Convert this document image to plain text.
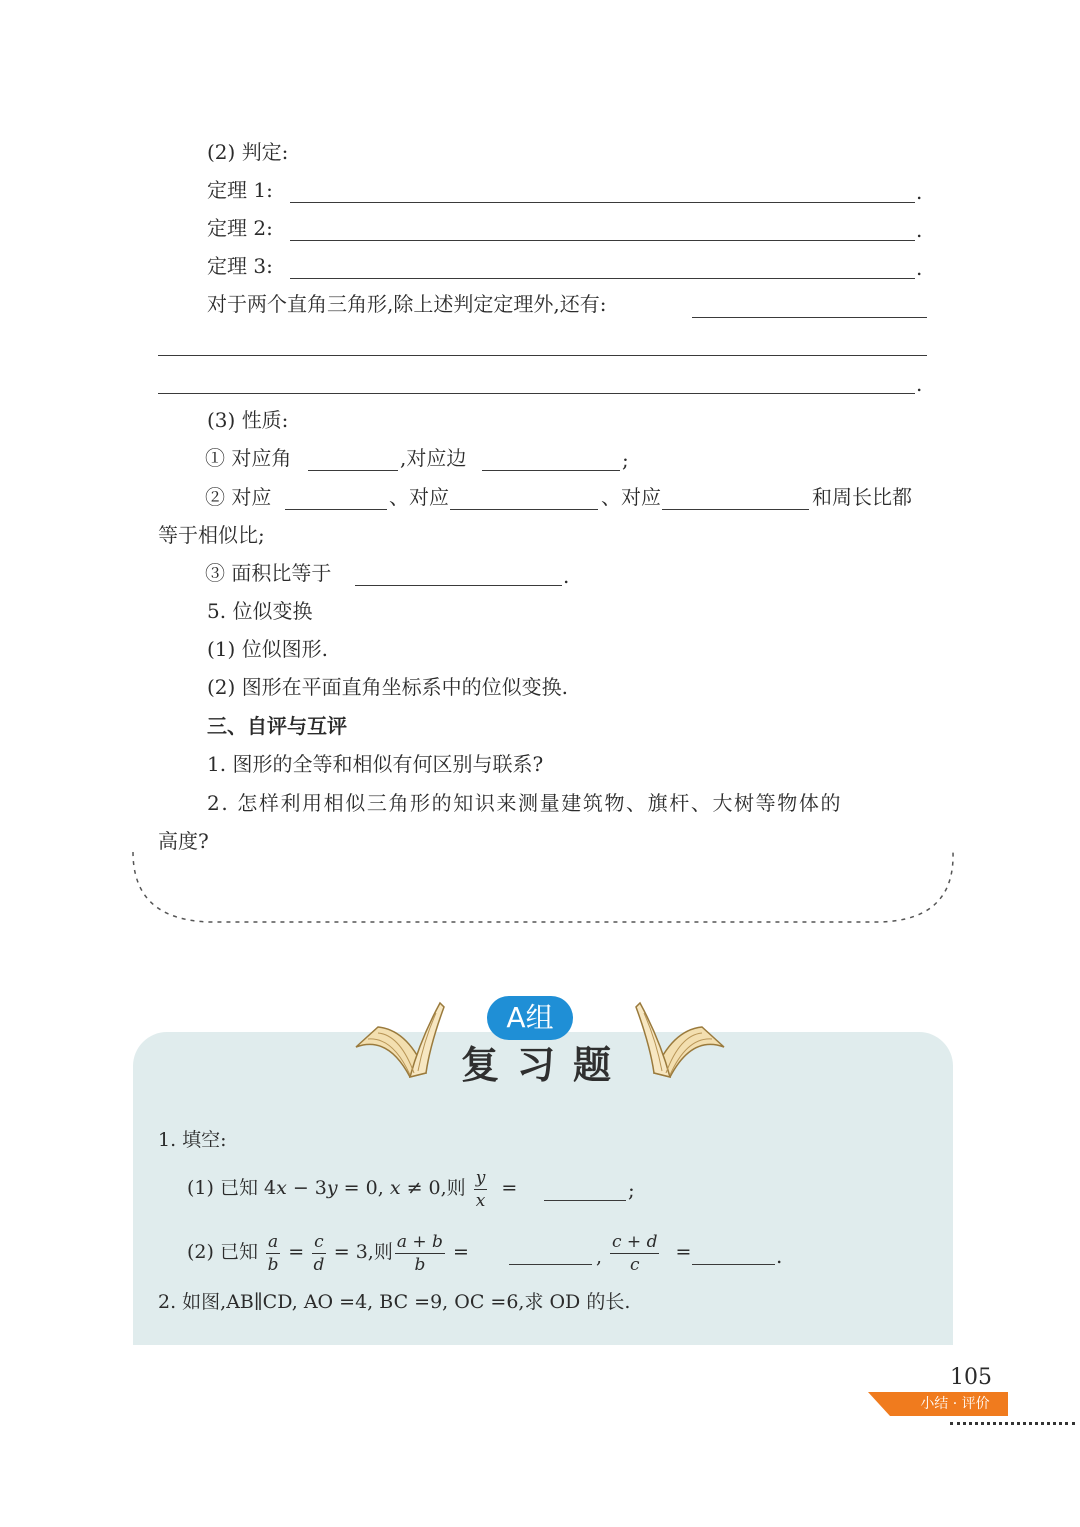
(2) 判定:
定理 1:	.
定理 2:	.
定理 3:	.
对于两个直角三角形,除上述判定定理外,还有:
.
(3) 性质:
① 对应角	,对应边	;
② 对应	、对应	、对应	和周长比都
等于相似比;
③ 面积比等于	.
5. 位似变换
(1) 位似图形.
(2) 图形在平面直角坐标系中的位似变换.
三、自评与互评
1. 图形的全等和相似有何区别与联系?
2. 怎样利用相似三角形的知识来测量建筑物、旗杆、大树等物体的
高度?
A组
复习题
1. 填空:
(1) 已知 4x − 3y = 0, x ≠ 0,则 $\frac{y}{x}$ =	;
(2) 已知 $\frac{a}{b} = \frac{c}{d} = 3$,则 $\frac{a + b}{b}$ =	, $\frac{c + d}{c}$ =	.
2. 如图,AB∥CD, AO =4, BC =9, OC =6,求 OD 的长.
105
小结 · 评价
